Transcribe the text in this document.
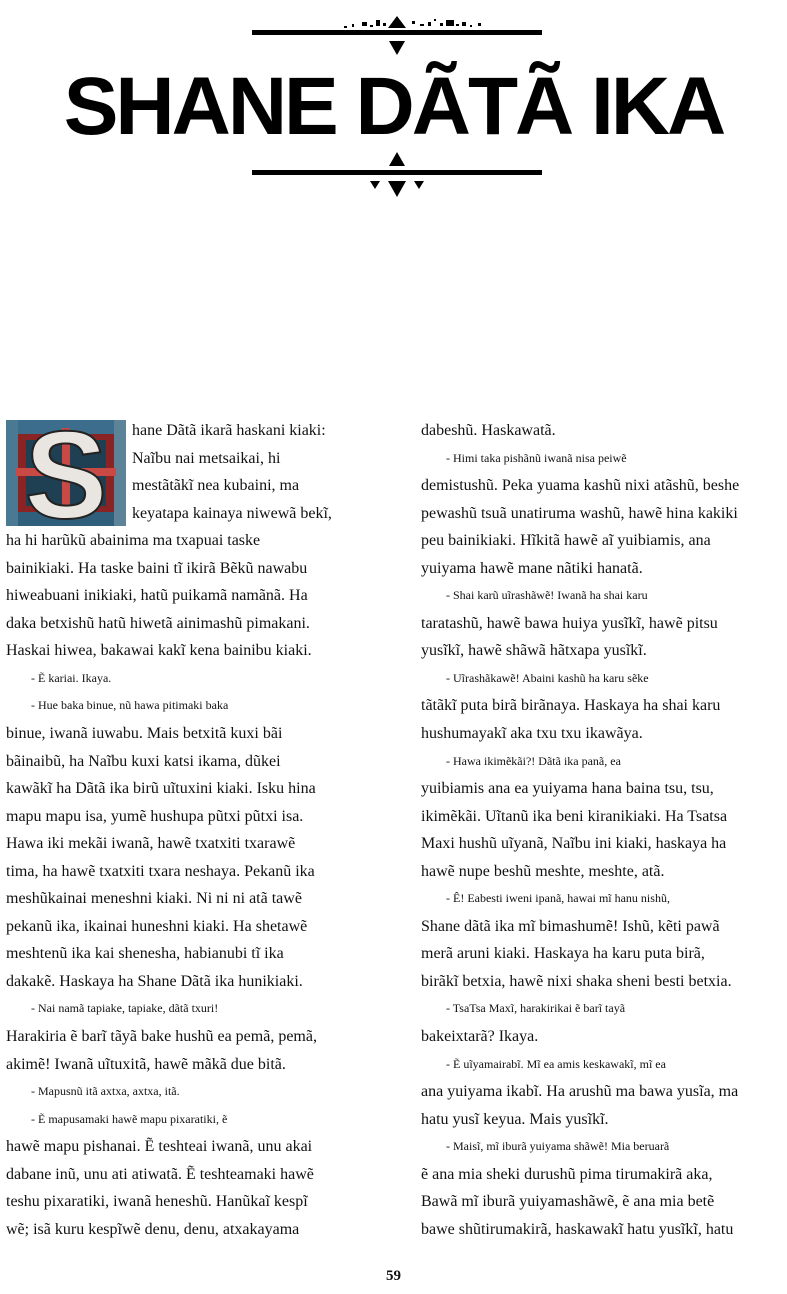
SHANE DÃTÃ IKA
S hane Dãtã ikarã haskani kiaki:

Naĩbu nai metsaikai, hi

mestãtãkĩ nea kubaini, ma

keyatapa kainaya niwewã bekĩ,

ha hi harũkũ abainima ma txapuai taske

bainikiaki. Ha taske baini tĩ ikirã Bẽkũ nawabu

hiweabuani inikiaki, hatũ puikamã namãnã. Ha

daka betxishũ hatũ hiwetã ainimashũ pimakani.

Haskai hiwea, bakawai kakĩ kena bainibu kiaki.

- Ẽ kariai. Ikaya.

- Hue baka binue, nũ hawa pitimaki baka

binue, iwanã iuwabu. Mais betxitã kuxi bãi

bãinaibũ, ha Naĩbu kuxi katsi ikama, dũkei

kawãkĩ ha Dãtã ika birũ uĩtuxini kiaki. Isku hina

mapu mapu isa, yumẽ hushupa pũtxi pũtxi isa.

Hawa iki mekãi iwanã, hawẽ txatxiti txarawẽ

tima, ha hawẽ txatxiti txara neshaya. Pekanũ ika

meshũkainai meneshni kiaki. Ni ni ni atã tawẽ

pekanũ ika, ikainai huneshni kiaki. Ha shetawẽ

meshtenũ ika kai shenesha, habianubi tĩ ika

dakakẽ. Haskaya ha Shane Dãtã ika hunikiaki.

- Nai namã tapiake, tapiake, dãtã txuri!

Harakiria ẽ barĩ tãyã bake hushũ ea pemã, pemã,

akimẽ! Iwanã uĩtuxitã, hawẽ mãkã due bitã.

- Mapusnũ itã axtxa, axtxa, itã.

- Ẽ mapusamaki hawẽ mapu pixaratiki, ẽ

hawẽ mapu pishanai. Ẽ teshteai iwanã, unu akai

dabane inũ, unu ati atiwatã. Ẽ teshteamaki hawẽ

teshu pixaratiki, iwanã heneshũ. Hanũkaĩ kespĩ

wẽ; isã kuru kespĩwẽ denu, denu, atxakayama

dabeshũ. Haskawatã.

- Himi taka pishãnũ iwanã nisa peiwẽ

demistushũ. Peka yuama kashũ nixi atãshũ, beshe

pewashũ tsuã unatiruma washũ, hawẽ hina kakiki

peu bainikiaki. Hĩkitã hawẽ aĩ yuibiamis, ana

yuiyama hawẽ mane nãtiki hanatã.

- Shai karũ uĩrashãwẽ! Iwanã ha shai karu

taratashũ, hawẽ bawa huiya yusĩkĩ, hawẽ pitsu

yusĩkĩ, hawẽ shãwã hãtxapa yusĩkĩ.

- Uĩrashãkawẽ! Abaini kashũ ha karu sẽke

tãtãkĩ puta birã birãnaya. Haskaya ha shai karu

hushumayakĩ aka txu txu ikawãya.

- Hawa ikimẽkãi?! Dãtã ika panã, ea

yuibiamis ana ea yuiyama hana baina tsu, tsu,

ikimẽkãi. Uĩtanũ ika beni kiranikiaki. Ha Tsatsa

Maxi hushũ uĩyanã, Naĩbu ini kiaki, haskaya ha

hawẽ nupe beshũ meshte, meshte, atã.

- Ê! Eabesti iweni ipanã, hawai mĩ hanu nishũ,

Shane dãtã ika mĩ bimashumẽ! Ishũ, kẽti pawã

merã aruni kiaki. Haskaya ha karu puta birã,

birãkĩ betxia, hawẽ nixi shaka sheni besti betxia.

- TsaTsa Maxĩ, harakirikai ẽ barĩ tayã

bakeixtarã? Ikaya.

- Ẽ uĩyamairabĩ. Mĩ ea amis keskawakĩ, mĩ ea

ana yuiyama ikabĩ. Ha arushũ ma bawa yusĩa, ma

hatu yusĩ keyua. Mais yusĩkĩ.

- Maisĩ, mĩ iburã yuiyama shãwẽ! Mia beruarã

ẽ ana mia sheki durushũ pima tirumakirã aka,

Bawã mĩ iburã yuiyamashãwẽ, ẽ ana mia betẽ

bawe shũtirumakirã, haskawakĩ hatu yusĩkĩ, hatu

59
